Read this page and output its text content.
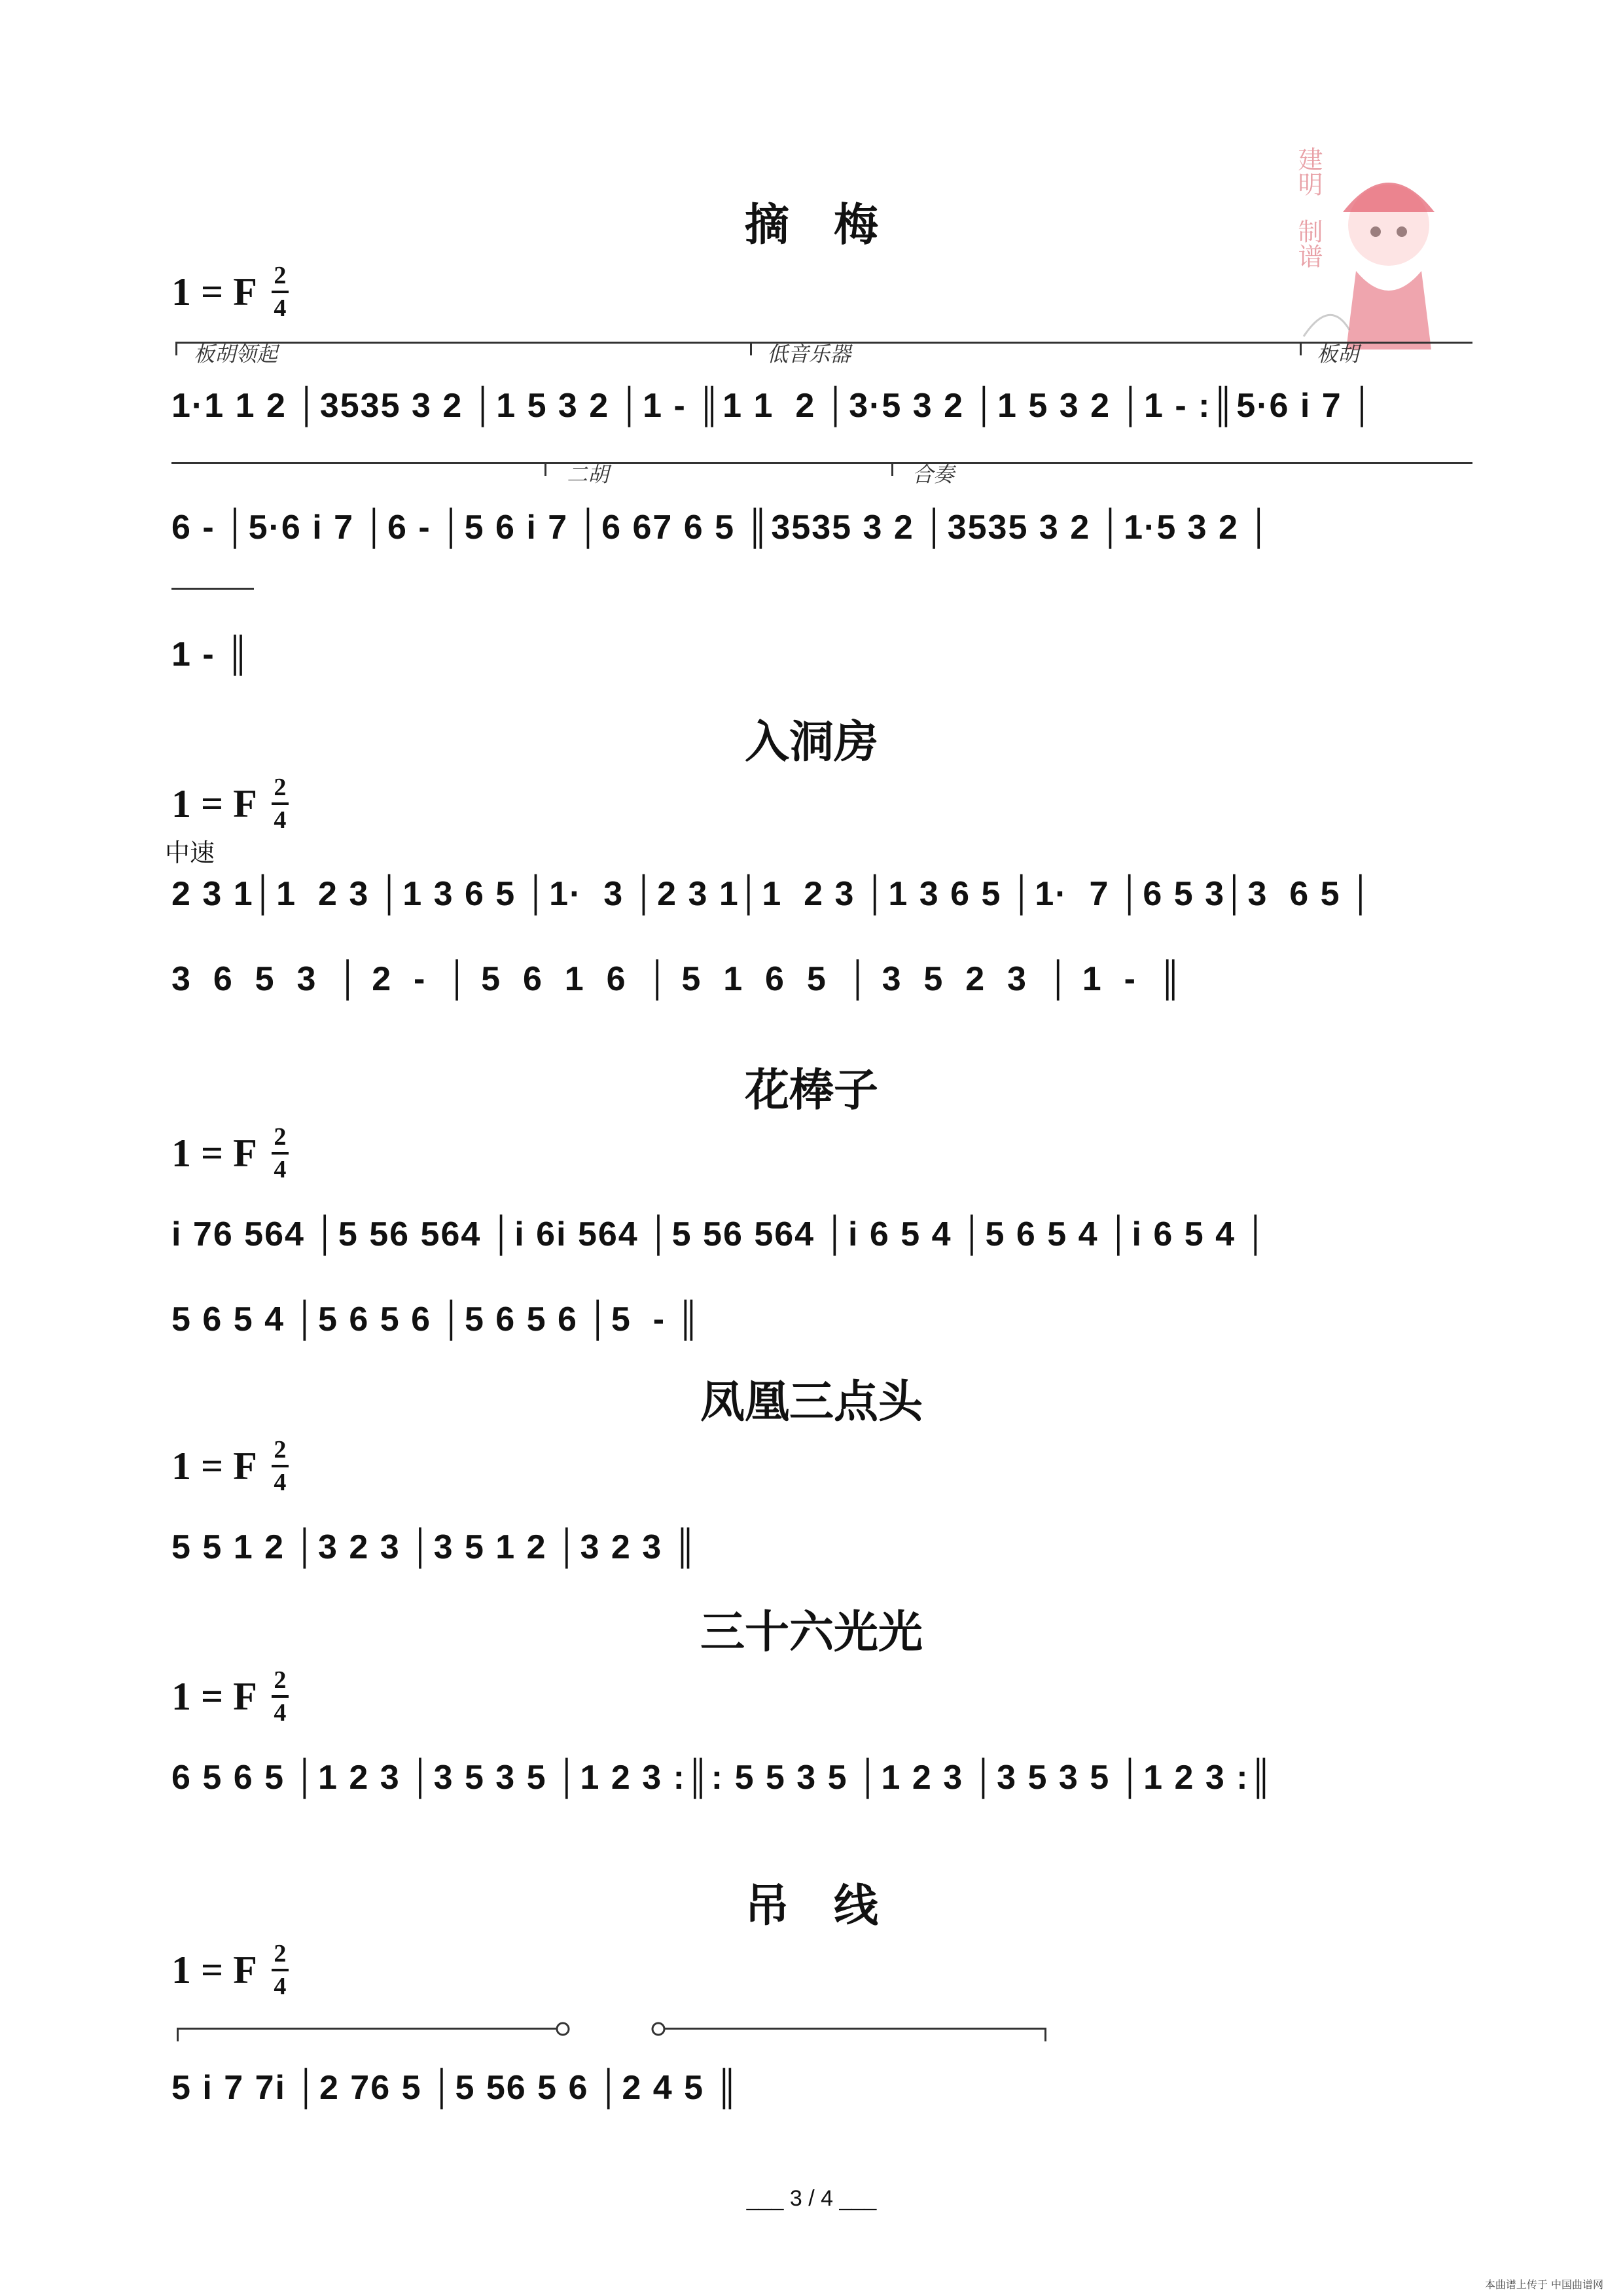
建明
制谱
摘　梅
1 = F $\frac{2}{4}$
板胡领起	低音乐器	板胡
1·1 1 2 │3535 3 2 │1 5 3 2 │1 - ║1 1  2 │3·5 3 2 │1 5 3 2 │1 - :║5·6 i 7 │
二胡	合奏
6 - │5·6 i 7 │6 - │5 6 i 7 │6 67 6 5 ║3535 3 2 │3535 3 2 │1·5 3 2 │
1 - ║
入洞房
1 = F $\frac{2}{4}$
中速
2 3 1│1  2 3 │1 3 6 5 │1·  3 │2 3 1│1  2 3 │1 3 6 5 │1·  7 │6 5 3│3  6 5 │
3  6  5  3  │ 2  -  │ 5  6  1  6  │ 5  1  6  5  │ 3  5  2  3  │ 1  -  ║
花棒子
1 = F $\frac{2}{4}$
i 76 564 │5 56 564 │i 6i 564 │5 56 564 │i 6 5 4 │5 6 5 4 │i 6 5 4 │
5 6 5 4 │5 6 5 6 │5 6 5 6 │5  - ║
凤凰三点头
1 = F $\frac{2}{4}$
5 5 1 2 │3 2 3 │3 5 1 2 │3 2 3 ║
三十六光光
1 = F $\frac{2}{4}$
6 5 6 5 │1 2 3 │3 5 3 5 │1 2 3 :║: 5 5 3 5 │1 2 3 │3 5 3 5 │1 2 3 :║
吊　线
1 = F $\frac{2}{4}$
5 i 7 7i │2 76 5 │5 56 5 6 │2 4 5 ║
___ 3 / 4 ___
本曲谱上传于 中国曲谱网
